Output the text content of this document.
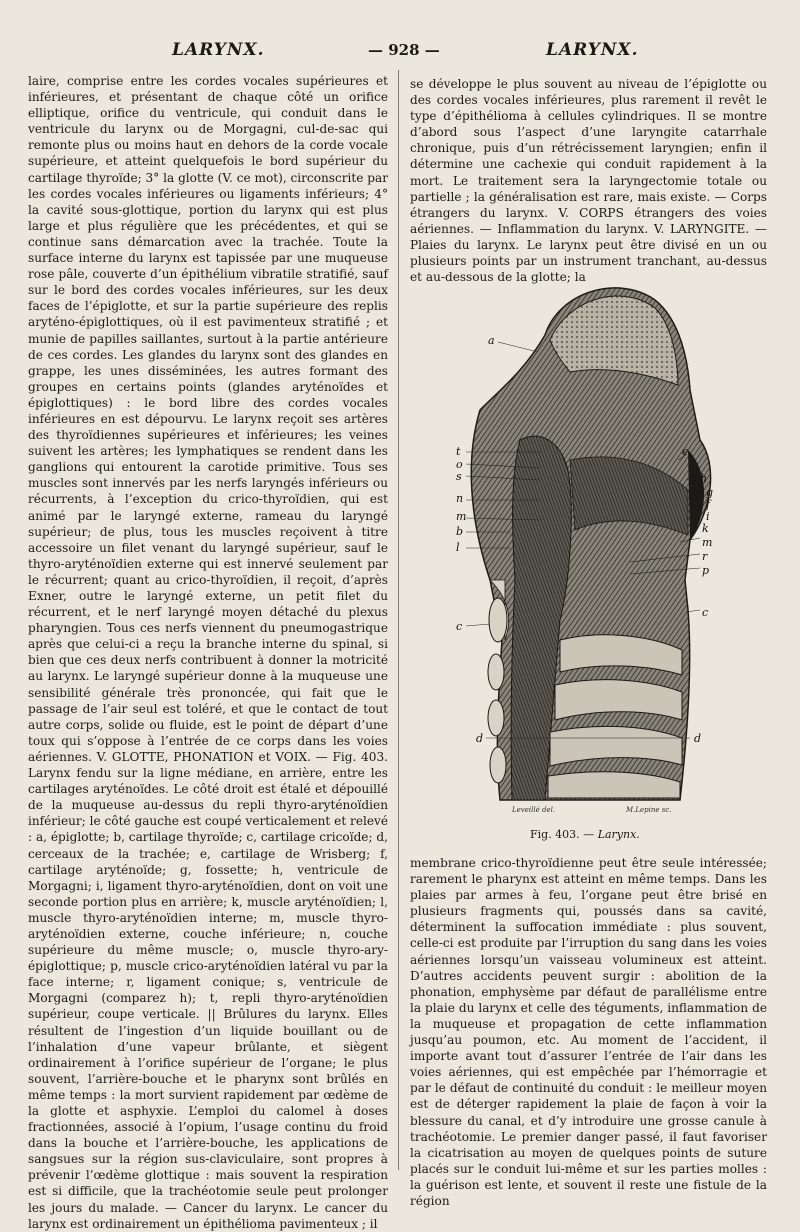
LARYNX.	— 928 —	LARYNX.

laire, comprise entre les cordes vocales supérieures et inférieures, et présentant de chaque côté un orifice elliptique, orifice du ventricule, qui conduit dans le ventricule du larynx ou de Morgagni, cul-de-sac qui remonte plus ou moins haut en dehors de la corde vocale supérieure, et atteint quelquefois le bord supérieur du cartilage thyroïde; 3° la glotte (V. ce mot), circonscrite par les cordes vocales inférieures ou ligaments inférieurs; 4° la cavité sous-glottique, portion du larynx qui est plus large et plus régulière que les précédentes, et qui se continue sans démarcation avec la trachée. Toute la surface interne du larynx est tapissée par une muqueuse rose pâle, couverte d’un épithélium vibratile stratifié, sauf sur le bord des cordes vocales inférieures, sur les deux faces de l’épiglotte, et sur la partie supérieure des replis aryténo-épiglottiques, où il est pavimenteux stratifié ; et munie de papilles saillantes, surtout à la partie antérieure de ces cordes. Les glandes du larynx sont des glandes en grappe, les unes disséminées, les autres formant des groupes en certains points (glandes aryténoïdes et épiglottiques) : le bord libre des cordes vocales inférieures en est dépourvu. Le larynx reçoit ses artères des thyroïdiennes supérieures et inférieures; les veines suivent les artères; les lymphatiques se rendent dans les ganglions qui entourent la carotide primitive. Tous ses muscles sont innervés par les nerfs laryngés inférieurs ou récurrents, à l’exception du crico-thyroïdien, qui est animé par le laryngé externe, rameau du laryngé supérieur; de plus, tous les muscles reçoivent à titre accessoire un filet venant du laryngé supérieur, sauf le thyro-aryténoïdien externe qui est innervé seulement par le récurrent; quant au crico-thyroïdien, il reçoit, d’après Exner, outre le laryngé externe, un petit filet du récurrent, et le nerf laryngé moyen détaché du plexus pharyngien. Tous ces nerfs viennent du pneumogastrique après que celui-ci a reçu la branche interne du spinal, si bien que ces deux nerfs contribuent à donner la motricité au larynx. Le laryngé supérieur donne à la muqueuse une sensibilité générale très prononcée, qui fait que le passage de l’air seul est toléré, et que le contact de tout autre corps, solide ou fluide, est le point de départ d’une toux qui s’oppose à l’entrée de ce corps dans les voies aériennes. V. GLOTTE, PHONATION et VOIX. — Fig. 403. Larynx fendu sur la ligne médiane, en arrière, entre les cartilages aryténoïdes. Le côté droit est étalé et dépouillé de la muqueuse au-dessus du repli thyro-aryténoïdien inférieur; le côté gauche est coupé verticalement et relevé : a, épiglotte; b, cartilage thyroïde; c, cartilage cricoïde; d, cerceaux de la trachée; e, cartilage de Wrisberg; f, cartilage aryténoïde; g, fossette; h, ventricule de Morgagni; i, ligament thyro-aryténoïdien, dont on voit une seconde portion plus en arrière; k, muscle aryténoïdien; l, muscle thyro-aryténoïdien interne; m, muscle thyro-aryténoïdien externe, couche inférieure; n, couche supérieure du même muscle; o, muscle thyro-ary-épiglottique; p, muscle crico-aryténoïdien latéral vu par la face interne; r, ligament conique; s, ventricule de Morgagni (comparez h); t, repli thyro-aryténoïdien supérieur, coupe verticale. || Brûlures du larynx. Elles résultent de l’ingestion d’un liquide bouillant ou de l’inhalation d’une vapeur brûlante, et siègent ordinairement à l’orifice supérieur de l’organe; le plus souvent, l’arrière-bouche et le pharynx sont brûlés en même temps : la mort survient rapidement par œdème de la glotte et asphyxie. L’emploi du calomel à doses fractionnées, associé à l’opium, l’usage continu du froid dans la bouche et l’arrière-bouche, les applications de sangsues sur la région sus-claviculaire, sont propres à prévenir l’œdème glottique : mais souvent la respiration est si difficile, que la trachéotomie seule peut prolonger les jours du malade. — Cancer du larynx. Le cancer du larynx est ordinairement un épithélioma pavimenteux ; il

se développe le plus souvent au niveau de l’épiglotte ou des cordes vocales inférieures, plus rarement il revêt le type d’épithélioma à cellules cylindriques. Il se montre d’abord sous l’aspect d’une laryngite catarrhale chronique, puis d’un rétrécissement laryngien; enfin il détermine une cachexie qui conduit rapidement à la mort. Le traitement sera la laryngectomie totale ou partielle ; la généralisation est rare, mais existe. — Corps étrangers du larynx. V. CORPS étrangers des voies aériennes. — Inflammation du larynx. V. LARYNGITE. — Plaies du larynx. Le larynx peut être divisé en un ou plusieurs points par un instrument tranchant, au-dessus et au-dessous de la glotte; la

a
t
o
s
n
m
b
l
c
d
e
h
g
f
i
k
m
r
p
c
d
Leveillé del.	M.Lepine sc.
Fig. 403. — Larynx.

membrane crico-thyroïdienne peut être seule intéressée; rarement le pharynx est atteint en même temps. Dans les plaies par armes à feu, l’organe peut être brisé en plusieurs fragments qui, poussés dans sa cavité, déterminent la suffocation immédiate : plus souvent, celle-ci est produite par l’irruption du sang dans les voies aériennes lorsqu’un vaisseau volumineux est atteint. D’autres accidents peuvent surgir : abolition de la phonation, emphysème par défaut de parallélisme entre la plaie du larynx et celle des téguments, inflammation de la muqueuse et propagation de cette inflammation jusqu’au poumon, etc. Au moment de l’accident, il importe avant tout d’assurer l’entrée de l’air dans les voies aériennes, qui est empêchée par l’hémorragie et par le défaut de continuité du conduit : le meilleur moyen est de déterger rapidement la plaie de façon à voir la blessure du canal, et d’y introduire une grosse canule à trachéotomie. Le premier danger passé, il faut favoriser la cicatrisation au moyen de quelques points de suture placés sur le conduit lui-même et sur les parties molles : la guérison est lente, et souvent il reste une fistule de la région
